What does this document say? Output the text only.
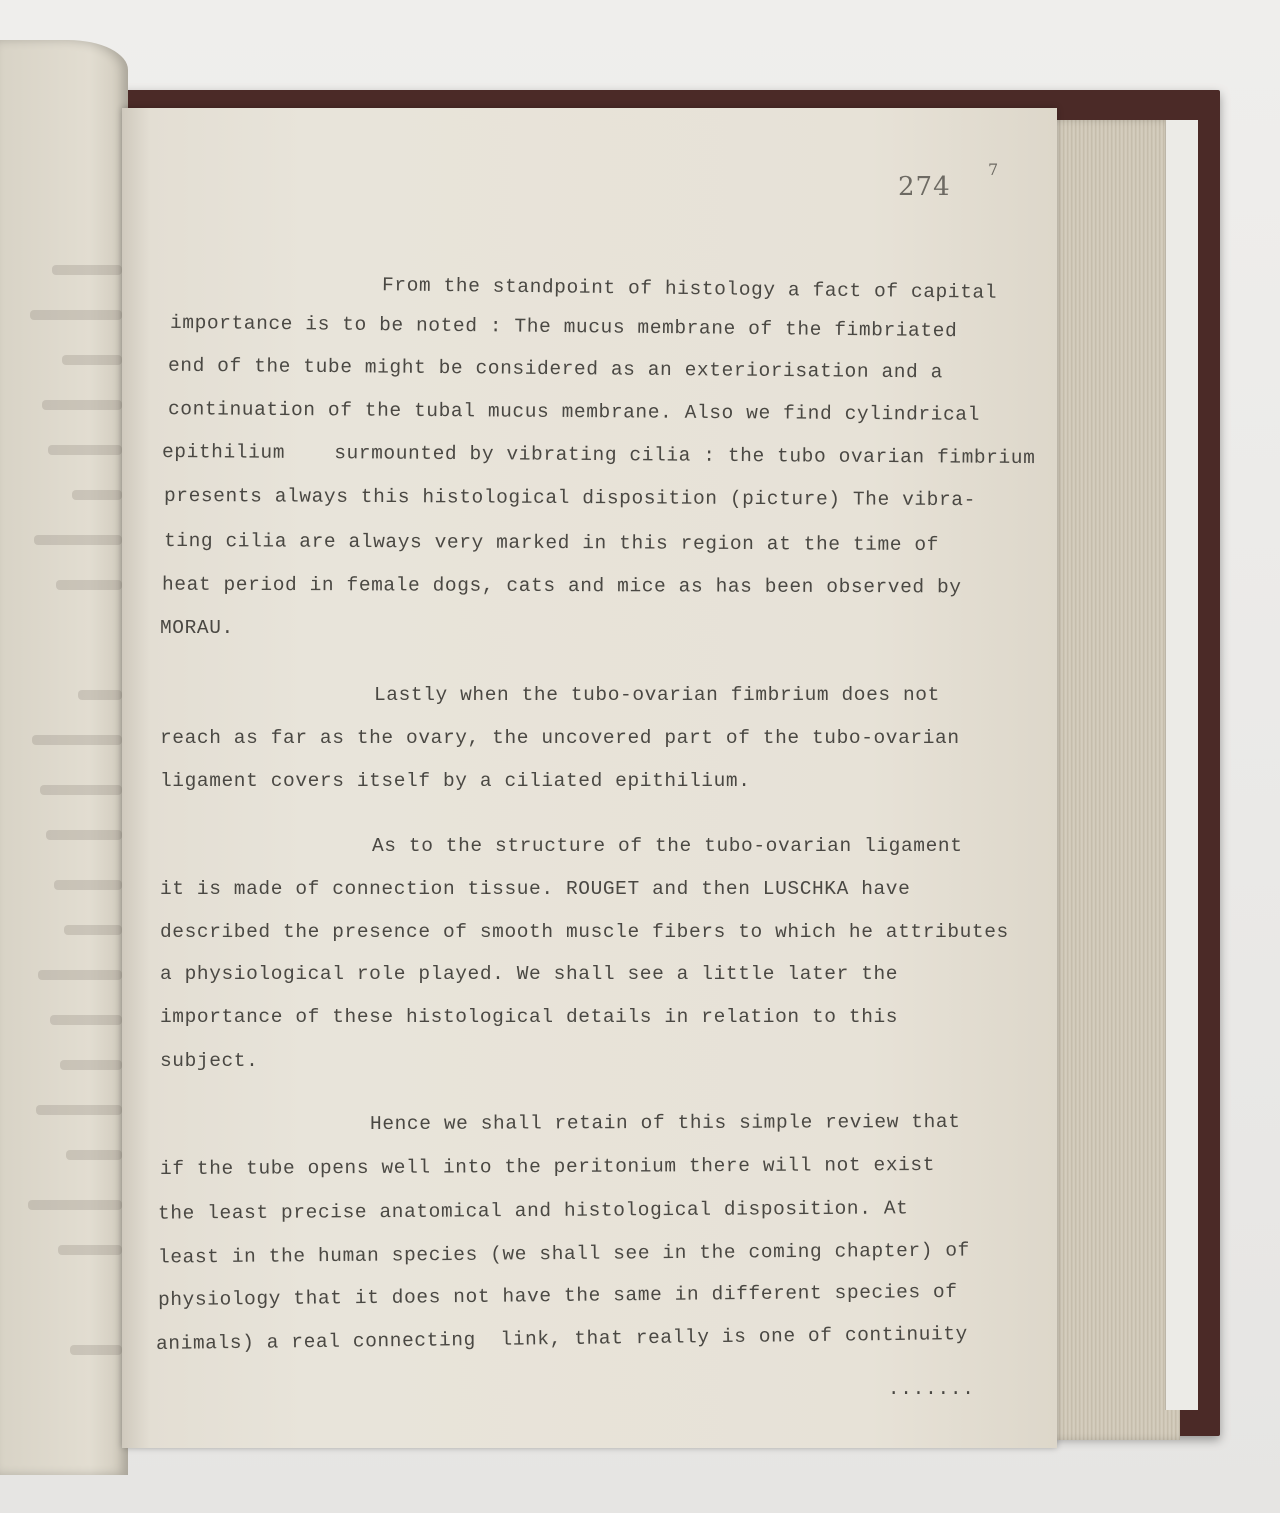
274
7
From the standpoint of histology a fact of capital
importance is to be noted : The mucus membrane of the fimbriated
end of the tube might be considered as an exteriorisation and a
continuation of the tubal mucus membrane. Also we find cylindrical
epithilium    surmounted by vibrating cilia : the tubo ovarian fimbrium
presents always this histological disposition (picture) The vibra-
ting cilia are always very marked in this region at the time of
heat period in female dogs, cats and mice as has been observed by
MORAU.
Lastly when the tubo-ovarian fimbrium does not
reach as far as the ovary, the uncovered part of the tubo-ovarian
ligament covers itself by a ciliated epithilium.
As to the structure of the tubo-ovarian ligament
it is made of connection tissue. ROUGET and then LUSCHKA have
described the presence of smooth muscle fibers to which he attributes
a physiological role played. We shall see a little later the
importance of these histological details in relation to this
subject.
Hence we shall retain of this simple review that
if the tube opens well into the peritonium there will not exist
the least precise anatomical and histological disposition. At
least in the human species (we shall see in the coming chapter) of
physiology that it does not have the same in different species of
animals) a real connecting  link, that really is one of continuity
.......
